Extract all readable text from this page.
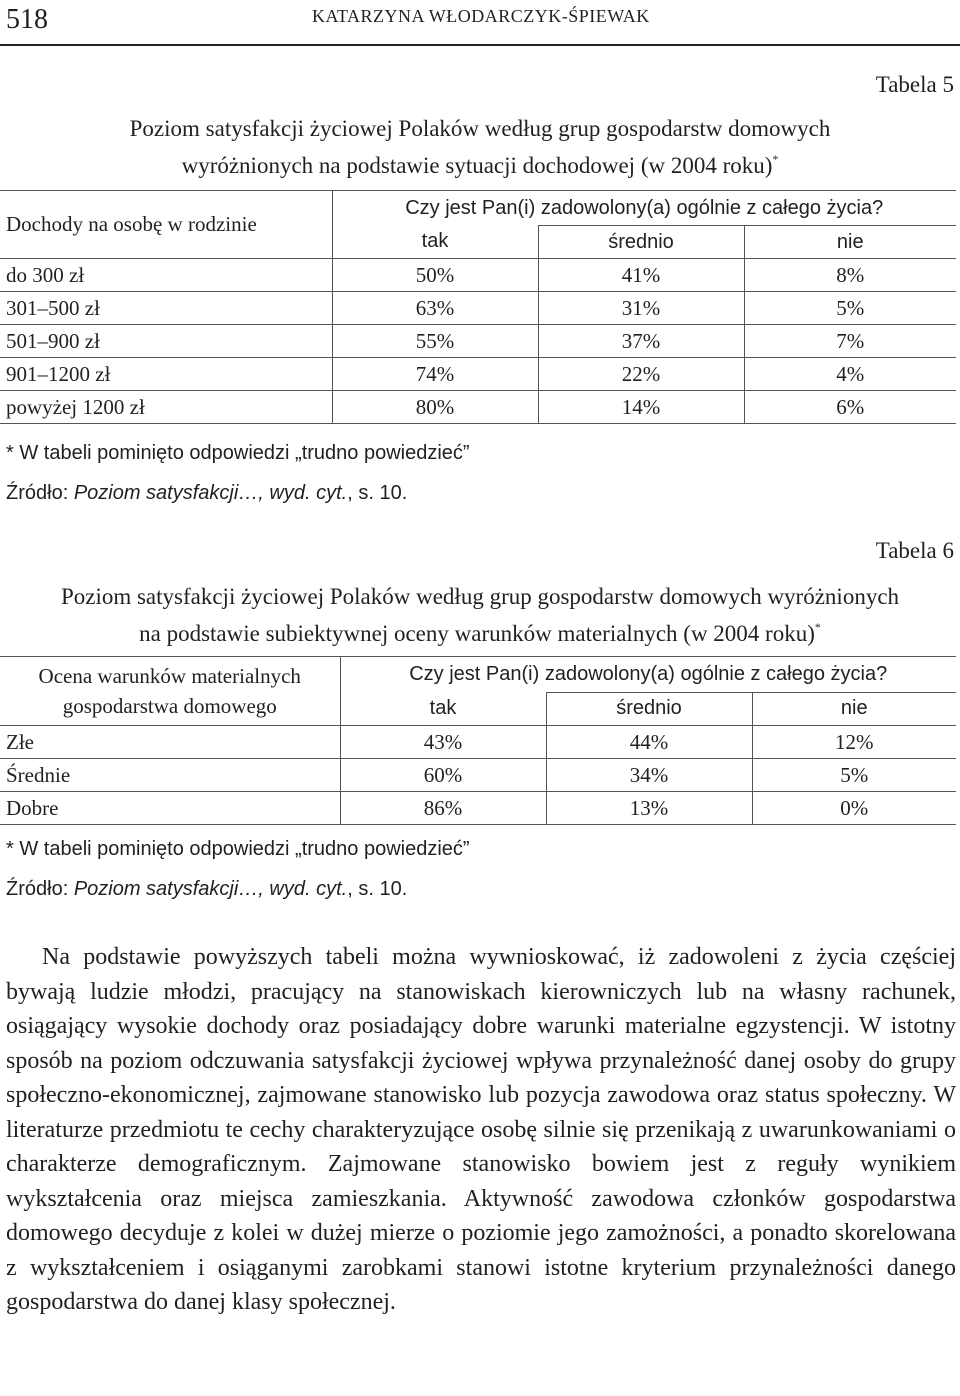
518	KATARZYNA WŁODARCZYK-ŚPIEWAK
Tabela 5
Poziom satysfakcji życiowej Polaków według grup gospodarstw domowych
wyróżnionych na podstawie sytuacji dochodowej (w 2004 roku)*
Dochody na osobę w rodzinie	Czy jest Pan(i) zadowolony(a) ogólnie z całego życia?		
	tak	średnio	nie
do 300 zł	50%	41%	8%
301–500 zł	63%	31%	5%
501–900 zł	55%	37%	7%
901–1200 zł	74%	22%	4%
powyżej 1200 zł	80%	14%	6%
* W tabeli pominięto odpowiedzi „trudno powiedzieć”
Źródło: Poziom satysfakcji…, wyd. cyt., s. 10.
Tabela 6
Poziom satysfakcji życiowej Polaków według grup gospodarstw domowych wyróżnionych
na podstawie subiektywnej oceny warunków materialnych (w 2004 roku)*
Ocena warunków materialnych
gospodarstwa domowego	Czy jest Pan(i) zadowolony(a) ogólnie z całego życia?		
	tak	średnio	nie
Złe	43%	44%	12%
Średnie	60%	34%	5%
Dobre	86%	13%	0%
* W tabeli pominięto odpowiedzi „trudno powiedzieć”
Źródło: Poziom satysfakcji…, wyd. cyt., s. 10.
Na podstawie powyższych tabeli można wywnioskować, iż zadowoleni z życia częściej bywają ludzie młodzi, pracujący na stanowiskach kierowniczych lub na własny rachunek, osiągający wysokie dochody oraz posiadający dobre warunki materialne egzystencji. W istotny sposób na poziom odczuwania satysfakcji życiowej wpływa przynależność danej osoby do grupy społeczno-ekonomicznej, zajmowane stanowisko lub pozycja zawodowa oraz status społeczny. W literaturze przedmiotu te cechy charakteryzujące osobę silnie się przenikają z uwarunkowaniami o charakterze demograficznym. Zajmowane stanowisko bowiem jest z reguły wynikiem wykształcenia oraz miejsca zamieszkania. Aktywność zawodowa członków gospodarstwa domowego decyduje z kolei w dużej mierze o poziomie jego zamożności, a ponadto skorelowana z wykształceniem i osiąganymi zarobkami stanowi istotne kryterium przynależności danego gospodarstwa do danej klasy społecznej.
